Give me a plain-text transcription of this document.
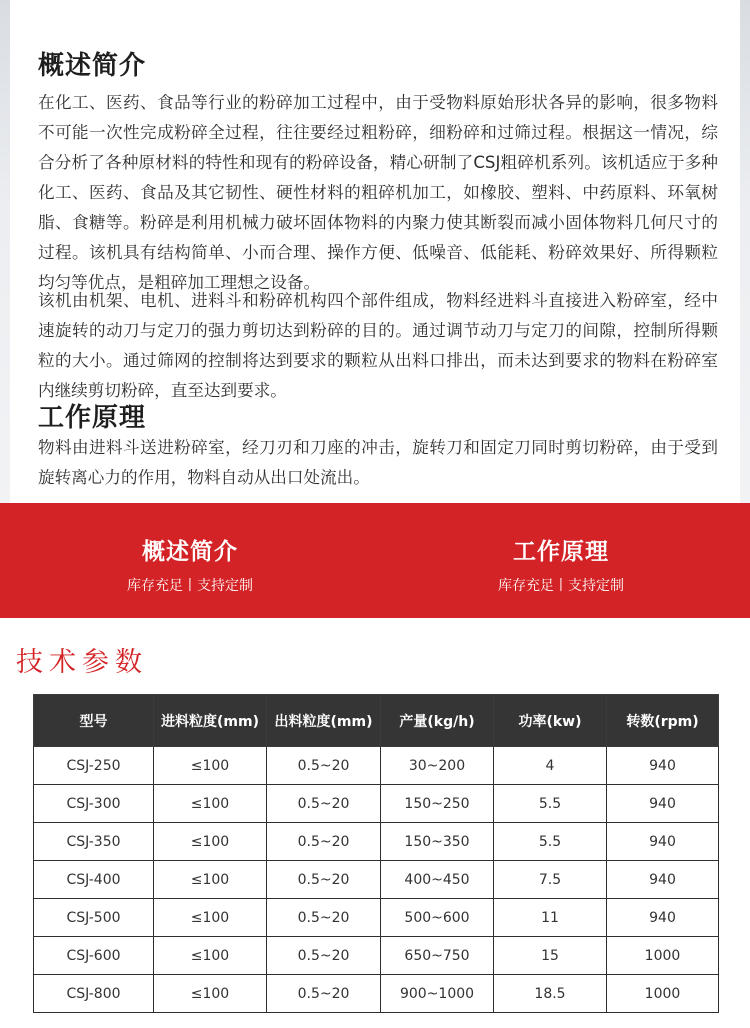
概述简介

在化工、医药、食品等行业的粉碎加工过程中，由于受物料原始形状各异的影响，很多物料不可能一次性完成粉碎全过程，往往要经过粗粉碎，细粉碎和过筛过程。根据这一情况，综合分析了各种原材料的特性和现有的粉碎设备，精心研制了CSJ粗碎机系列。该机适应于多种化工、医药、食品及其它韧性、硬性材料的粗碎机加工，如橡胶、塑料、中药原料、环氧树脂、食糖等。粉碎是利用机械力破坏固体物料的内聚力使其断裂而减小固体物料几何尺寸的过程。该机具有结构简单、小而合理、操作方便、低噪音、低能耗、粉碎效果好、所得颗粒均匀等优点，是粗碎加工理想之设备。

该机由机架、电机、进料斗和粉碎机构四个部件组成，物料经进料斗直接进入粉碎室，经中速旋转的动刀与定刀的强力剪切达到粉碎的目的。通过调节动刀与定刀的间隙，控制所得颗粒的大小。通过筛网的控制将达到要求的颗粒从出料口排出，而未达到要求的物料在粉碎室内继续剪切粉碎，直至达到要求。

工作原理

物料由进料斗送进粉碎室，经刀刃和刀座的冲击，旋转刀和固定刀同时剪切粉碎，由于受到旋转离心力的作用，物料自动从出口处流出。

概述简介
库存充足丨支持定制
工作原理
库存充足丨支持定制
技术参数
型号	进料粒度(mm)	出料粒度(mm)	产量(kg/h)	功率(kw)	转数(rpm)
CSJ-250	≤100	0.5~20	30~200	4	940
CSJ-300	≤100	0.5~20	150~250	5.5	940
CSJ-350	≤100	0.5~20	150~350	5.5	940
CSJ-400	≤100	0.5~20	400~450	7.5	940
CSJ-500	≤100	0.5~20	500~600	11	940
CSJ-600	≤100	0.5~20	650~750	15	1000
CSJ-800	≤100	0.5~20	900~1000	18.5	1000
